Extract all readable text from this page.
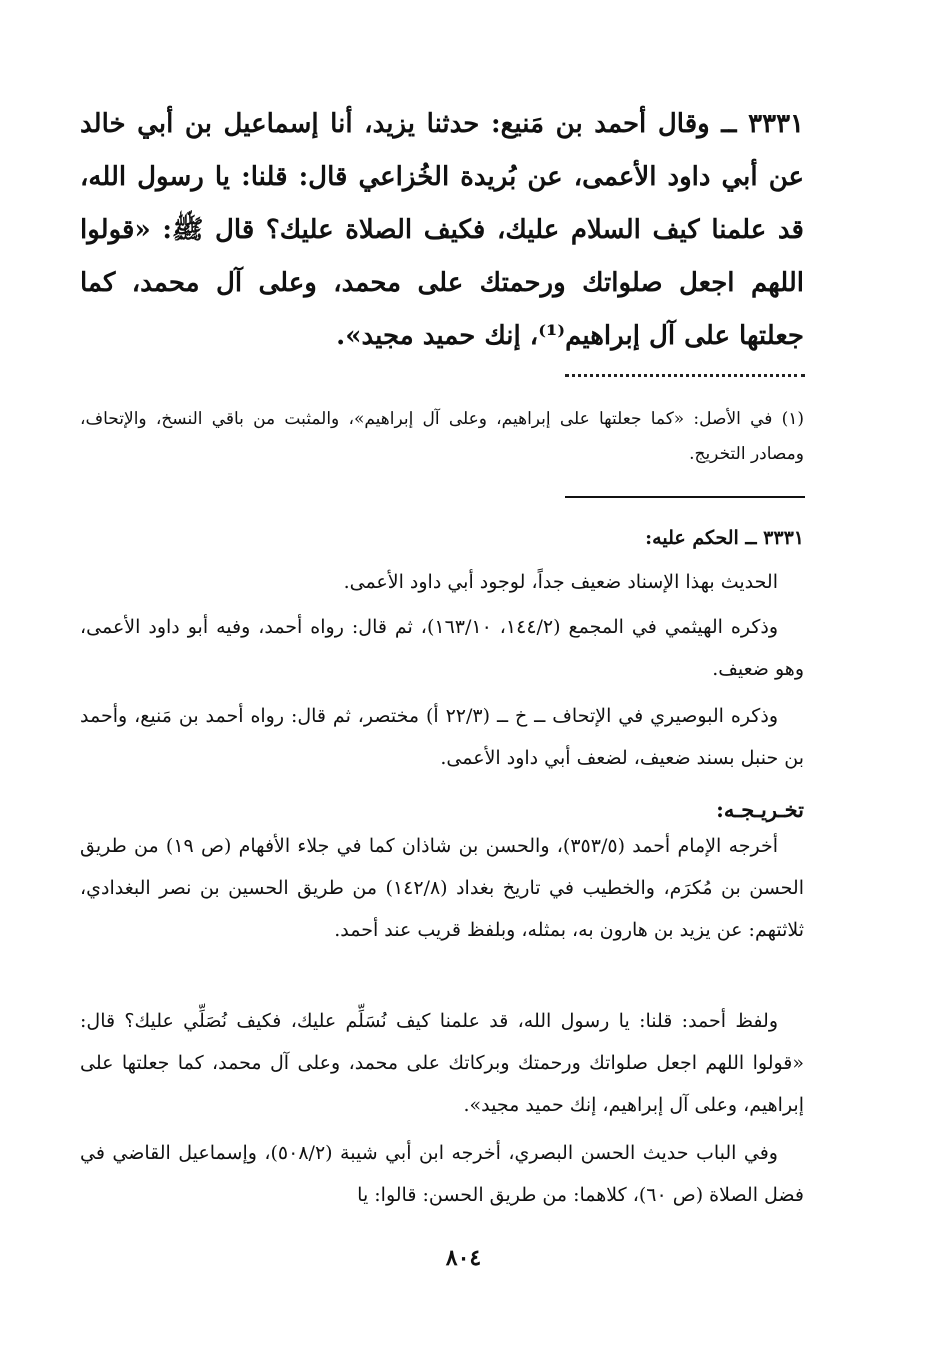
٣٣٣١ ــ وقال أحمد بن مَنيع: حدثنا يزيد، أنا إسماعيل بن أبي خالد عن أبي داود الأعمى، عن بُريدة الخُزاعي قال: قلنا: يا رسول الله، قد علمنا كيف السلام عليك، فكيف الصلاة عليك؟ قال ﷺ: «قولوا اللهم اجعل صلواتك ورحمتك على محمد، وعلى آل محمد، كما جعلتها على آل إبراهيم⁽¹⁾، إنك حميد مجيد».

(١) في الأصل: «كما جعلتها على إبراهيم، وعلى آل إبراهيم»، والمثبت من باقي النسخ، والإتحاف، ومصادر التخريج.

٣٣٣١ ــ الحكم عليه:

الحديث بهذا الإسناد ضعيف جداً، لوجود أبي داود الأعمى.

وذكره الهيثمي في المجمع (١٤٤/٢، ١٦٣/١٠)، ثم قال: رواه أحمد، وفيه أبو داود الأعمى، وهو ضعيف.

وذكره البوصيري في الإتحاف ــ خ ــ (٢٢/٣ أ) مختصر، ثم قال: رواه أحمد بن مَنيع، وأحمد بن حنبل بسند ضعيف، لضعف أبي داود الأعمى.

تخـريـجـه:

أخرجه الإمام أحمد (٣٥٣/٥)، والحسن بن شاذان كما في جلاء الأفهام (ص ١٩) من طريق الحسن بن مُكرَم، والخطيب في تاريخ بغداد (١٤٢/٨) من طريق الحسين بن نصر البغدادي، ثلاثتهم: عن يزيد بن هارون به، بمثله، وبلفظ قريب عند أحمد.

ولفظ أحمد: قلنا: يا رسول الله، قد علمنا كيف نُسَلِّم عليك، فكيف نُصَلِّي عليك؟ قال: «قولوا اللهم اجعل صلواتك ورحمتك وبركاتك على محمد، وعلى آل محمد، كما جعلتها على إبراهيم، وعلى آل إبراهيم، إنك حميد مجيد».

وفي الباب حديث الحسن البصري، أخرجه ابن أبي شيبة (٥٠٨/٢)، وإسماعيل القاضي في فضل الصلاة (ص ٦٠)، كلاهما: من طريق الحسن: قالوا: يا

٨٠٤
